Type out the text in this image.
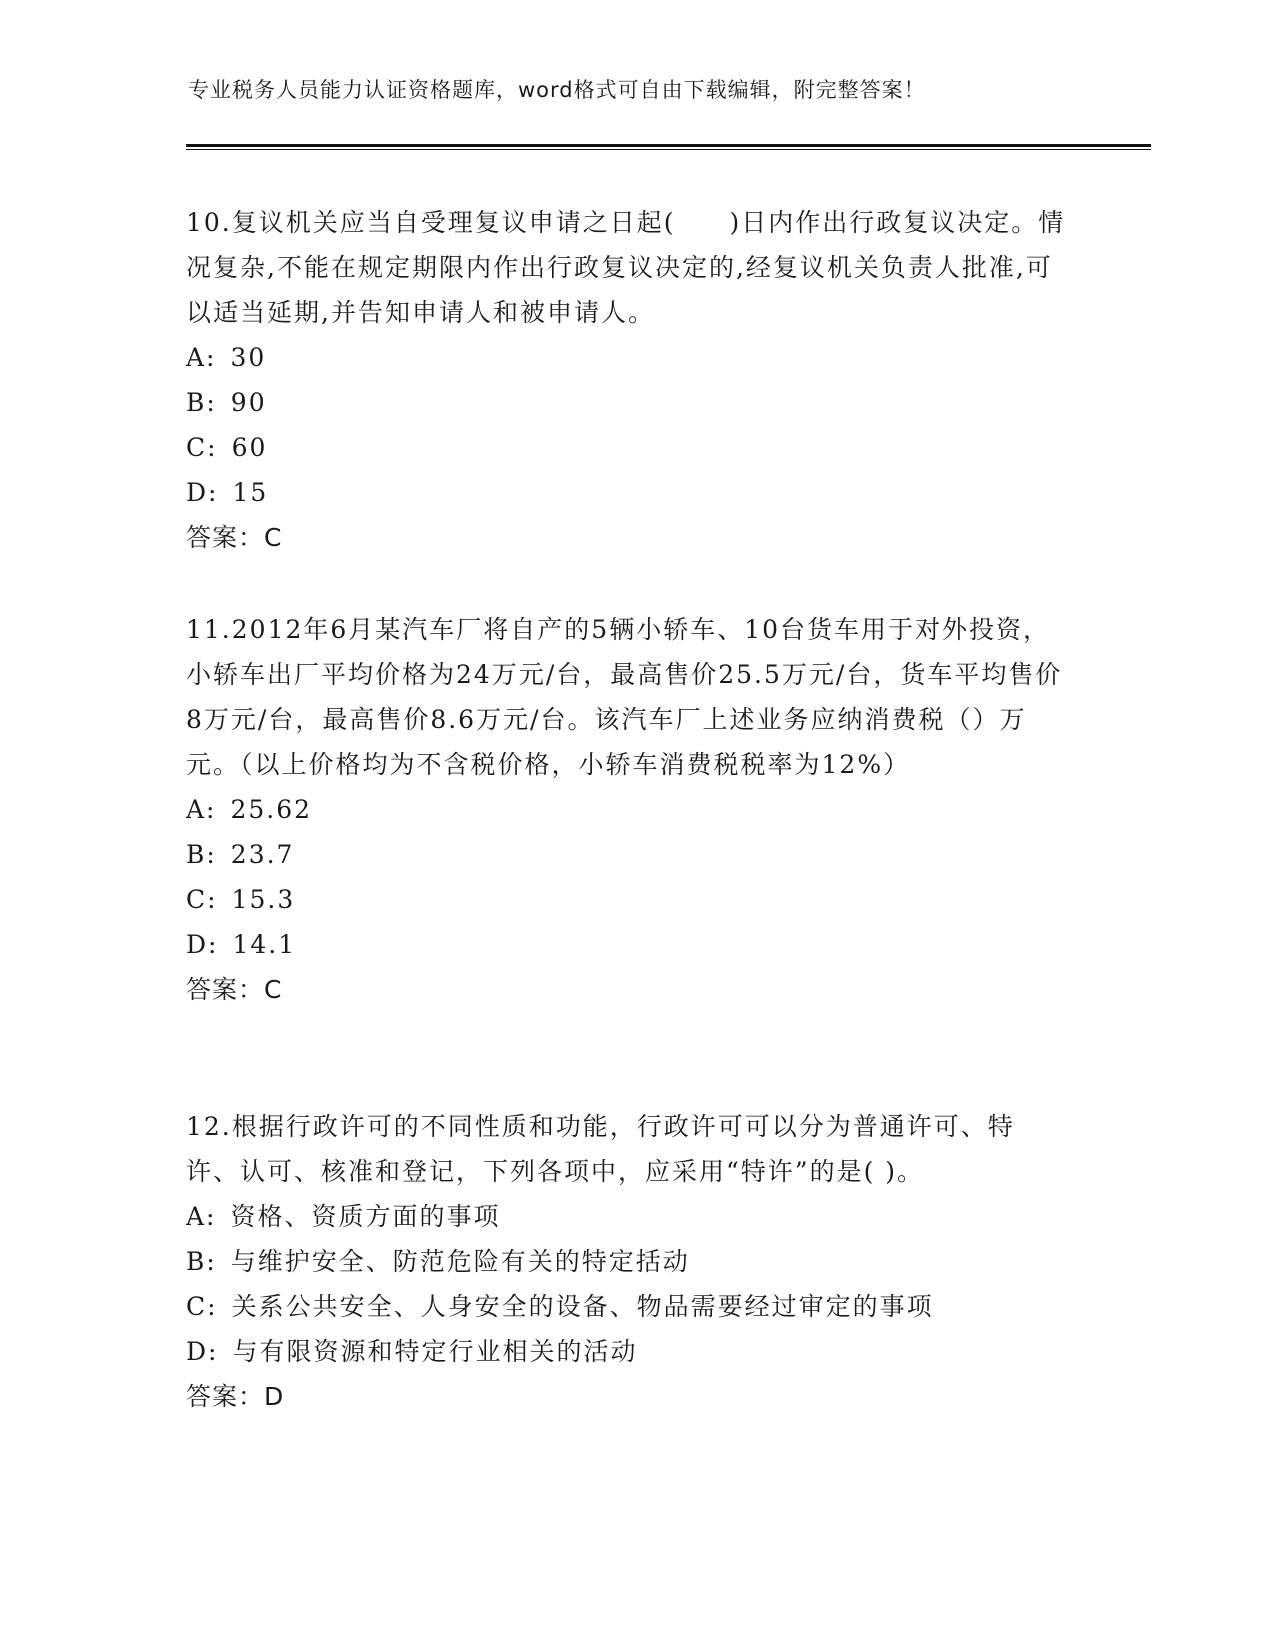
专业税务人员能力认证资格题库，word格式可自由下载编辑，附完整答案！

10.复议机关应当自受理复议申请之日起(　　)日内作出行政复议决定。情况复杂,不能在规定期限内作出行政复议决定的,经复议机关负责人批准,可以适当延期,并告知申请人和被申请人。

A: 30
B: 90
C: 60
D: 15
答案：C

11.2012年6月某汽车厂将自产的5辆小轿车、10台货车用于对外投资，小轿车出厂平均价格为24万元/台，最高售价25.5万元/台，货车平均售价8万元/台，最高售价8.6万元/台。该汽车厂上述业务应纳消费税（）万元。（以上价格均为不含税价格，小轿车消费税税率为12%）

A: 25.62
B: 23.7
C: 15.3
D: 14.1
答案：C

12.根据行政许可的不同性质和功能，行政许可可以分为普通许可、特许、认可、核准和登记，下列各项中，应采用“特许”的是( )。

A: 资格、资质方面的事项
B: 与维护安全、防范危险有关的特定括动
C: 关系公共安全、人身安全的设备、物品需要经过审定的事项
D: 与有限资源和特定行业相关的活动
答案：D
